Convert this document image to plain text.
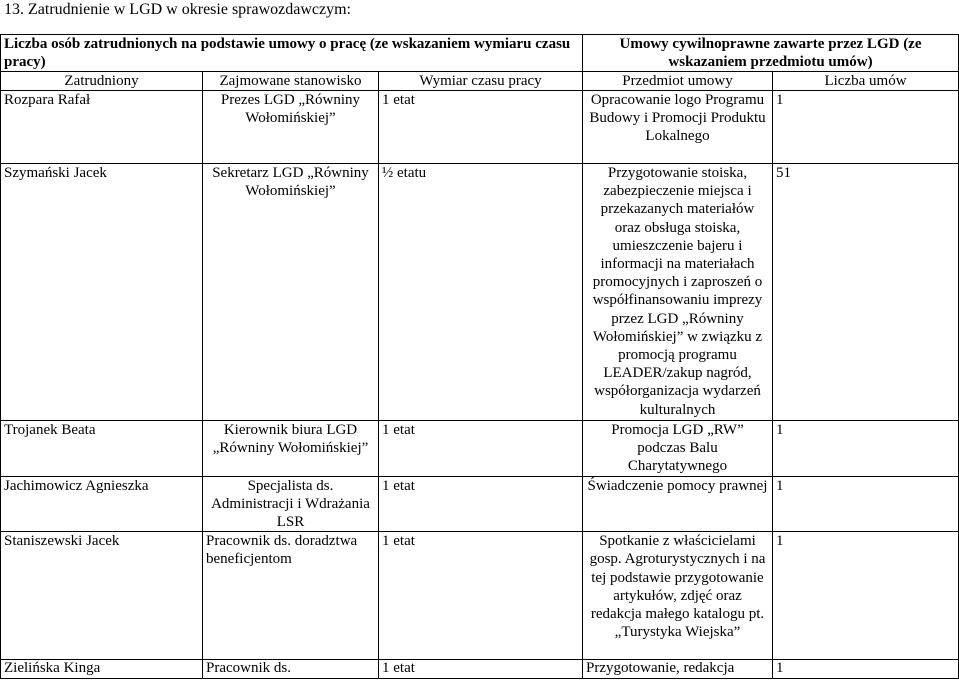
13. Zatrudnienie w LGD w okresie sprawozdawczym:
Liczba osób zatrudnionych na podstawie umowy o pracę (ze wskazaniem wymiaru czasu pracy)			Umowy cywilnoprawne zawarte przez LGD (ze wskazaniem przedmiotu umów)	
Zatrudniony	Zajmowane stanowisko	Wymiar czasu pracy	Przedmiot umowy	Liczba umów
Rozpara Rafał	Prezes LGD „Równiny Wołomińskiej”	1 etat	Opracowanie logo Programu Budowy i Promocji Produktu Lokalnego	1
Szymański Jacek	Sekretarz LGD „Równiny Wołomińskiej”	½ etatu	Przygotowanie stoiska, zabezpieczenie miejsca i przekazanych materiałów oraz obsługa stoiska, umieszczenie bajeru i informacji na materiałach promocyjnych i zaproszeń o współfinansowaniu imprezy przez LGD „Równiny Wołomińskiej” w związku z promocją programu LEADER/zakup nagród, współorganizacja wydarzeń kulturalnych	51
Trojanek Beata	Kierownik biura LGD „Równiny Wołomińskiej”	1 etat	Promocja LGD „RW” podczas Balu Charytatywnego	1
Jachimowicz Agnieszka	Specjalista ds. Administracji i Wdrażania LSR	1 etat	Świadczenie pomocy prawnej	1
Staniszewski Jacek	Pracownik ds. doradztwa beneficjentom	1 etat	Spotkanie z właścicielami gosp. Agroturystycznych i na tej podstawie przygotowanie artykułów, zdjęć oraz redakcja małego katalogu pt. „Turystyka Wiejska”	1
Zielińska Kinga	Pracownik ds.	1 etat	Przygotowanie, redakcja	1
